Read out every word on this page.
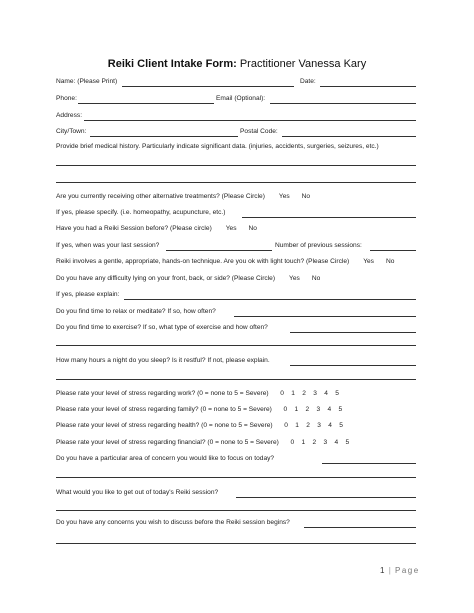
Reiki Client Intake Form: Practitioner Vanessa Kary
Name: (Please Print)	Date:
Phone:	Email (Optional):
Address:
City/Town:	Postal Code:
Provide brief medical history. Particularly indicate significant data. (injuries, accidents, surgeries, seizures, etc.)
Are you currently receiving other alternative treatments? (Please Circle) Yes No
If yes, please specify. (i.e. homeopathy, acupuncture, etc.)
Have you had a Reiki Session before? (Please circle) Yes No
If yes, when was your last session?	Number of previous sessions:
Reiki involves a gentle, appropriate, hands-on technique. Are you ok with light touch? (Please Circle) Yes No
Do you have any difficulty lying on your front, back, or side? (Please Circle) Yes No
If yes, please explain:
Do you find time to relax or meditate? If so, how often?
Do you find time to exercise? If so, what type of exercise and how often?
How many hours a night do you sleep? Is it restful? If not, please explain.
Please rate your level of stress regarding work? (0 = none to 5 = Severe) 0 1 2 3 4 5
Please rate your level of stress regarding family? (0 = none to 5 = Severe) 0 1 2 3 4 5
Please rate your level of stress regarding health? (0 = none to 5 = Severe) 0 1 2 3 4 5
Please rate your level of stress regarding financial? (0 = none to 5 = Severe) 0 1 2 3 4 5
Do you have a particular area of concern you would like to focus on today?
What would you like to get out of today's Reiki session?
Do you have any concerns you wish to discuss before the Reiki session begins?
1 | Page
